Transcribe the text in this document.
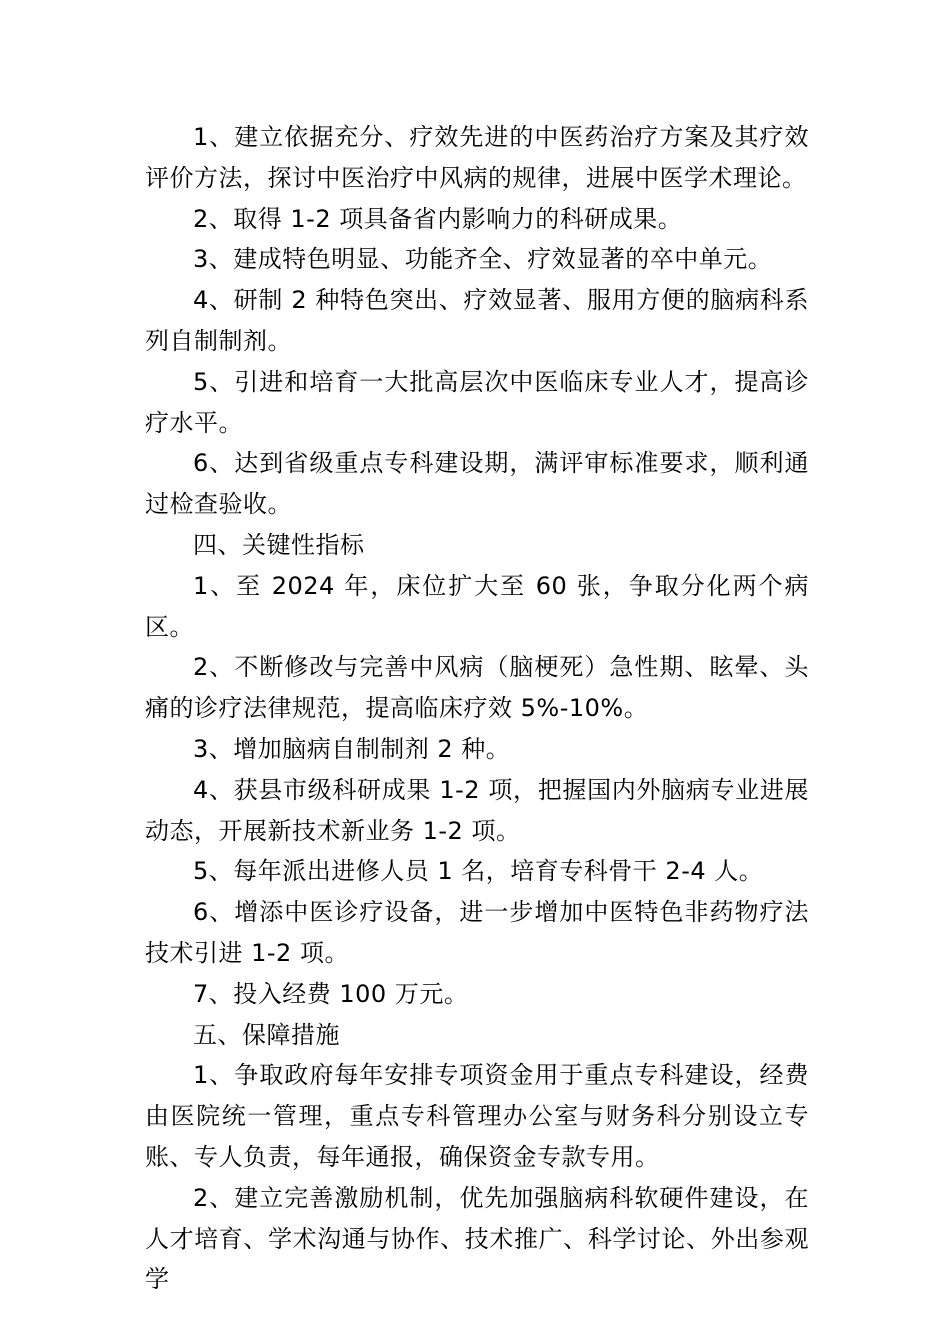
1、建立依据充分、疗效先进的中医药治疗方案及其疗效评价方法，探讨中医治疗中风病的规律，进展中医学术理论。

2、取得 1-2 项具备省内影响力的科研成果。

3、建成特色明显、功能齐全、疗效显著的卒中单元。

4、研制 2 种特色突出、疗效显著、服用方便的脑病科系列自制制剂。

5、引进和培育一大批高层次中医临床专业人才，提高诊疗水平。

6、达到省级重点专科建设期，满评审标准要求，顺利通过检查验收。

四、关键性指标

1、至 2024 年，床位扩大至 60 张，争取分化两个病区。

2、不断修改与完善中风病（脑梗死）急性期、眩晕、头痛的诊疗法律规范，提高临床疗效 5%-10%。

3、增加脑病自制制剂 2 种。

4、获县市级科研成果 1-2 项，把握国内外脑病专业进展动态，开展新技术新业务 1-2 项。

5、每年派出进修人员 1 名，培育专科骨干 2-4 人。

6、增添中医诊疗设备，进一步增加中医特色非药物疗法技术引进 1-2 项。

7、投入经费 100 万元。

五、保障措施

1、争取政府每年安排专项资金用于重点专科建设，经费由医院统一管理，重点专科管理办公室与财务科分别设立专账、专人负责，每年通报，确保资金专款专用。

2、建立完善激励机制，优先加强脑病科软硬件建设，在人才培育、学术沟通与协作、技术推广、科学讨论、外出参观学
